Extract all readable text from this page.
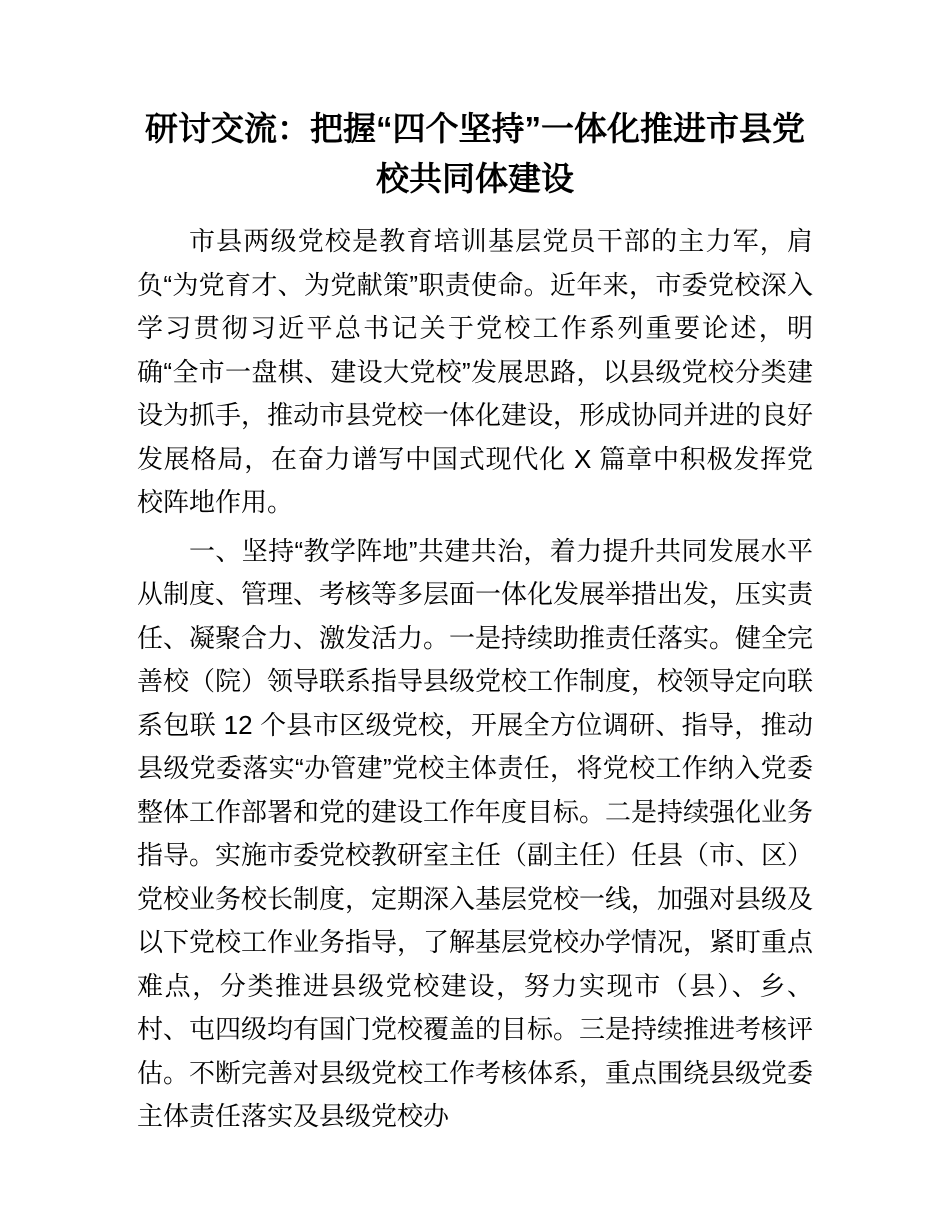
研讨交流：把握“四个坚持”一体化推进市县党
校共同体建设

市县两级党校是教育培训基层党员干部的主力军，肩负“为党育才、为党献策”职责使命。近年来，市委党校深入学习贯彻习近平总书记关于党校工作系列重要论述，明确“全市一盘棋、建设大党校”发展思路，以县级党校分类建设为抓手，推动市县党校一体化建设，形成协同并进的良好发展格局，在奋力谱写中国式现代化 X 篇章中积极发挥党校阵地作用。

一、坚持“教学阵地”共建共治，着力提升共同发展水平从制度、管理、考核等多层面一体化发展举措出发，压实责任、凝聚合力、激发活力。一是持续助推责任落实。健全完善校（院）领导联系指导县级党校工作制度，校领导定向联系包联 12 个县市区级党校，开展全方位调研、指导，推动县级党委落实“办管建”党校主体责任，将党校工作纳入党委整体工作部署和党的建设工作年度目标。二是持续强化业务指导。实施市委党校教研室主任（副主任）任县（市、区）党校业务校长制度，定期深入基层党校一线，加强对县级及以下党校工作业务指导，了解基层党校办学情况，紧盯重点难点，分类推进县级党校建设，努力实现市（县）、乡、村、屯四级均有国门党校覆盖的目标。三是持续推进考核评估。不断完善对县级党校工作考核体系，重点围绕县级党委主体责任落实及县级党校办
